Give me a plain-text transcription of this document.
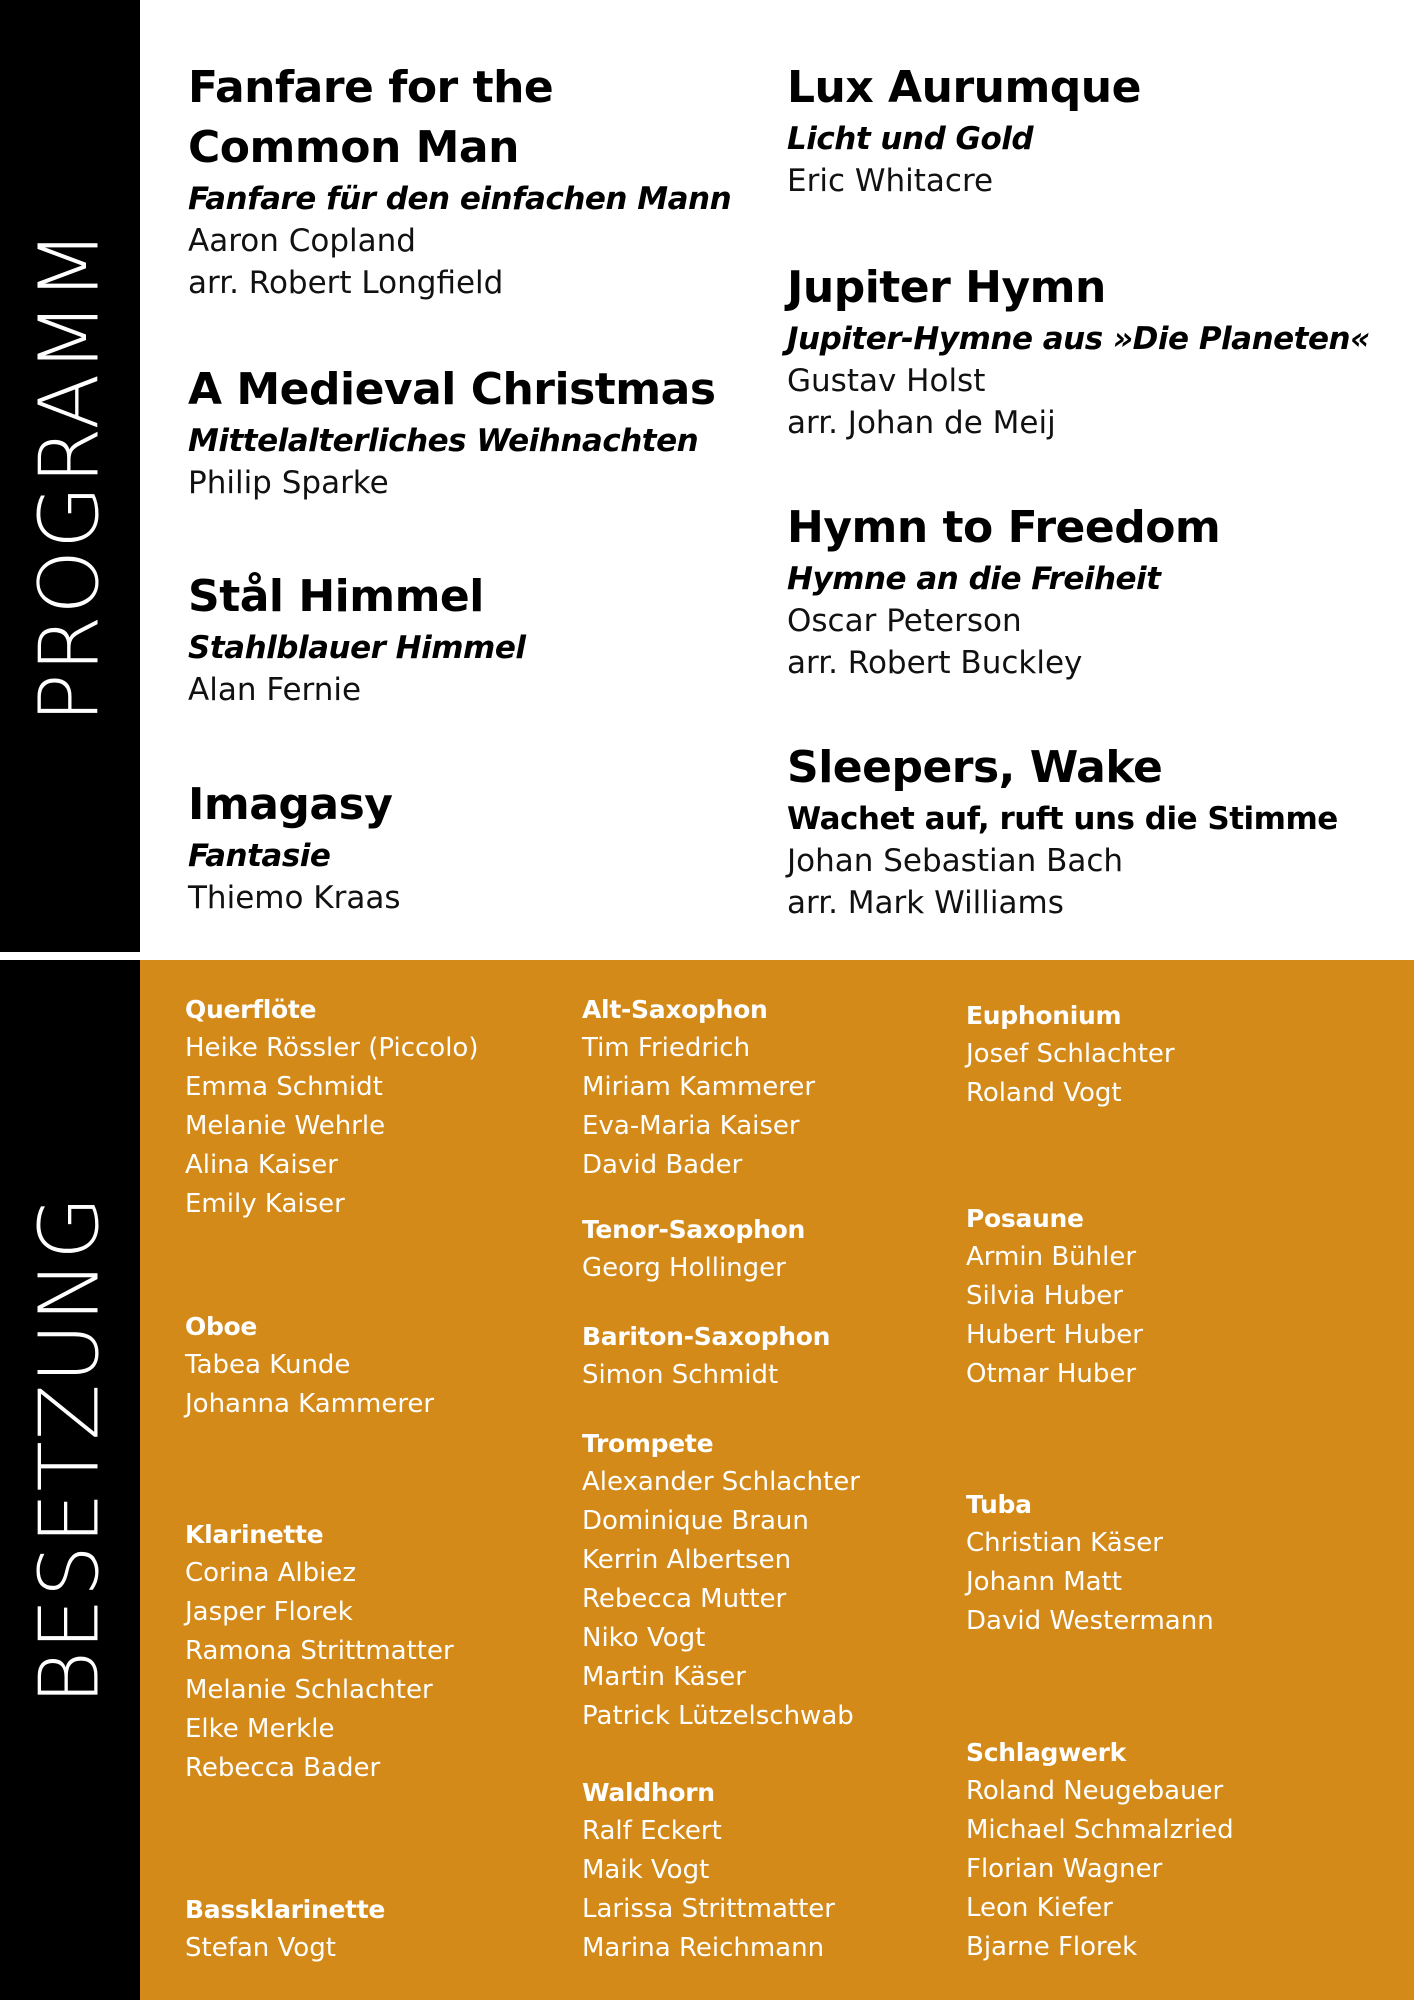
PROGRAMM
BESETZUNG
Fanfare for the
Common Man
Fanfare für den einfachen Mann
Aaron Copland
arr. Robert Longfield
A Medieval Christmas
Mittelalterliches Weihnachten
Philip Sparke
Stål Himmel
Stahlblauer Himmel
Alan Fernie
Imagasy
Fantasie
Thiemo Kraas
Lux Aurumque
Licht und Gold
Eric Whitacre
Jupiter Hymn
Jupiter-Hymne aus »Die Planeten«
Gustav Holst
arr. Johan de Meij
Hymn to Freedom
Hymne an die Freiheit
Oscar Peterson
arr. Robert Buckley
Sleepers, Wake
Wachet auf, ruft uns die Stimme
Johan Sebastian Bach
arr. Mark Williams
Querflöte
Heike Rössler (Piccolo)
Emma Schmidt
Melanie Wehrle
Alina Kaiser
Emily Kaiser
Oboe
Tabea Kunde
Johanna Kammerer
Klarinette
Corina Albiez
Jasper Florek
Ramona Strittmatter
Melanie Schlachter
Elke Merkle
Rebecca Bader
Bassklarinette
Stefan Vogt
Alt-Saxophon
Tim Friedrich
Miriam Kammerer
Eva-Maria Kaiser
David Bader
Tenor-Saxophon
Georg Hollinger
Bariton-Saxophon
Simon Schmidt
Trompete
Alexander Schlachter
Dominique Braun
Kerrin Albertsen
Rebecca Mutter
Niko Vogt
Martin Käser
Patrick Lützelschwab
Waldhorn
Ralf Eckert
Maik Vogt
Larissa Strittmatter
Marina Reichmann
Euphonium
Josef Schlachter
Roland Vogt
Posaune
Armin Bühler
Silvia Huber
Hubert Huber
Otmar Huber
Tuba
Christian Käser
Johann Matt
David Westermann
Schlagwerk
Roland Neugebauer
Michael Schmalzried
Florian Wagner
Leon Kiefer
Bjarne Florek
